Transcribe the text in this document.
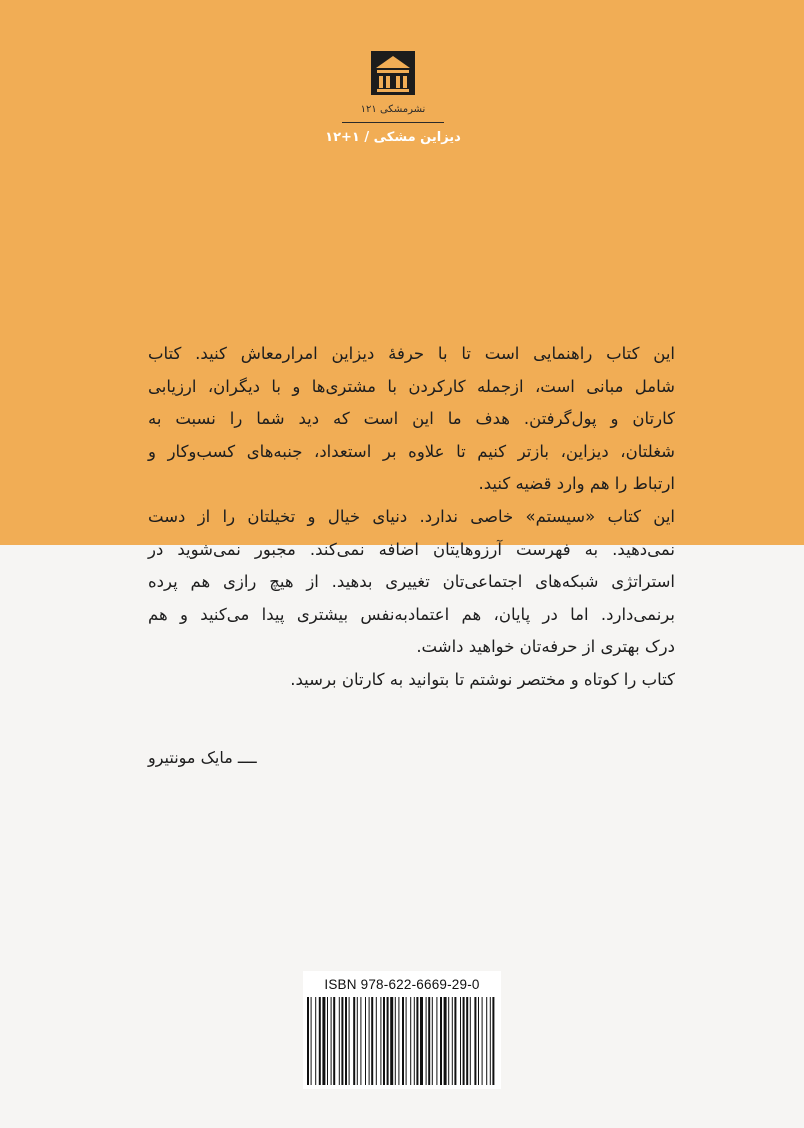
نشرمشکی ۱۲۱
دیزاین مشکی / ۱+۱۲
این کتاب راهنمایی است تا با حرفهٔ دیزاین امرارمعاش کنید. کتاب
شامل مبانی است، ازجمله کارکردن با مشتری‌ها و با دیگران، ارزیابی
کارتان و پول‌گرفتن. هدف ما این است که دید شما را نسبت به
شغلتان، دیزاین، بازتر کنیم تا علاوه بر استعداد، جنبه‌های کسب‌وکار و
ارتباط را هم وارد قضیه کنید.
این کتاب «سیستم» خاصی ندارد. دنیای خیال و تخیلتان را از دست
نمی‌دهید. به فهرست آرزوهایتان اضافه نمی‌کند. مجبور نمی‌شوید در
استراتژی شبکه‌های اجتماعی‌تان تغییری بدهید. از هیچ رازی هم پرده
برنمی‌دارد. اما در پایان، هم اعتمادبه‌نفس بیشتری پیدا می‌کنید و هم
درک بهتری از حرفه‌تان خواهید داشت.
کتاب را کوتاه و مختصر نوشتم تا بتوانید به کارتان برسید.
ــــ مایک مونتیرو
ISBN 978-622-6669-29-0
